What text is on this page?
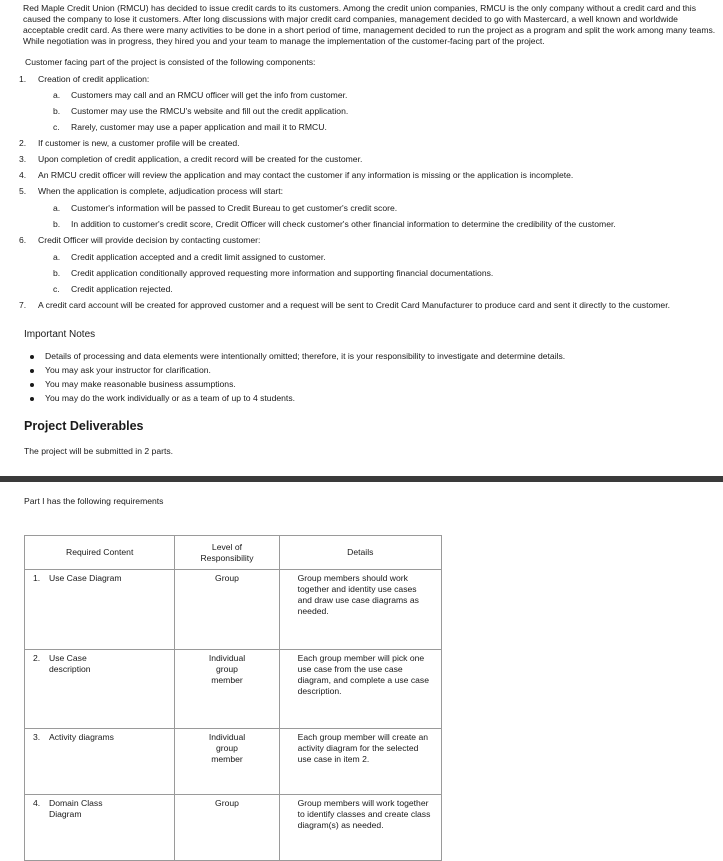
Red Maple Credit Union (RMCU) has decided to issue credit cards to its customers. Among the credit union companies, RMCU is the only company without a credit card and this caused the company to lose it customers. After long discussions with major credit card companies, management decided to go with Mastercard, a well known and worldwide acceptable credit card. As there were many activities to be done in a short period of time, management decided to run the project as a program and split the work among many teams. While negotiation was in progress, they hired you and your team to manage the implementation of the customer-facing part of the project.

Customer facing part of the project is consisted of the following components:
1.	Creation of credit application:
a.	Customers may call and an RMCU officer will get the info from customer.
b.	Customer may use the RMCU's website and fill out the credit application.
c.	Rarely, customer may use a paper application and mail it to RMCU.
2.	If customer is new, a customer profile will be created.
3.	Upon completion of credit application, a credit record will be created for the customer.
4.	An RMCU credit officer will review the application and may contact the customer if any information is missing or the application is incomplete.
5.	When the application is complete, adjudication process will start:
a.	Customer's information will be passed to Credit Bureau to get customer's credit score.
b.	In addition to customer's credit score, Credit Officer will check customer's other financial information to determine the credibility of the customer.
6.	Credit Officer will provide decision by contacting customer:
a.	Credit application accepted and a credit limit assigned to customer.
b.	Credit application conditionally approved requesting more information and supporting financial documentations.
c.	Credit application rejected.
7.	A credit card account will be created for approved customer and a request will be sent to Credit Card Manufacturer to produce card and sent it directly to the customer.
Important Notes
Details of processing and data elements were intentionally omitted; therefore, it is your responsibility to investigate and determine details.
You may ask your instructor for clarification.
You may make reasonable business assumptions.
You may do the work individually or as a team of up to 4 students.
Project Deliverables
The project will be submitted in 2 parts.
Part I has the following requirements
Required Content	Level of Responsibility	Details
1. Use Case Diagram	Group	Group members should work together and identity use cases and draw use case diagrams as needed.
2. Use Case description	Individual group member	Each group member will pick one use case from the use case diagram, and complete a use case description.
3. Activity diagrams	Individual group member	Each group member will create an activity diagram for the selected use case in item 2.
4. Domain Class Diagram	Group	Group members will work together to identify classes and create class diagram(s) as needed.
